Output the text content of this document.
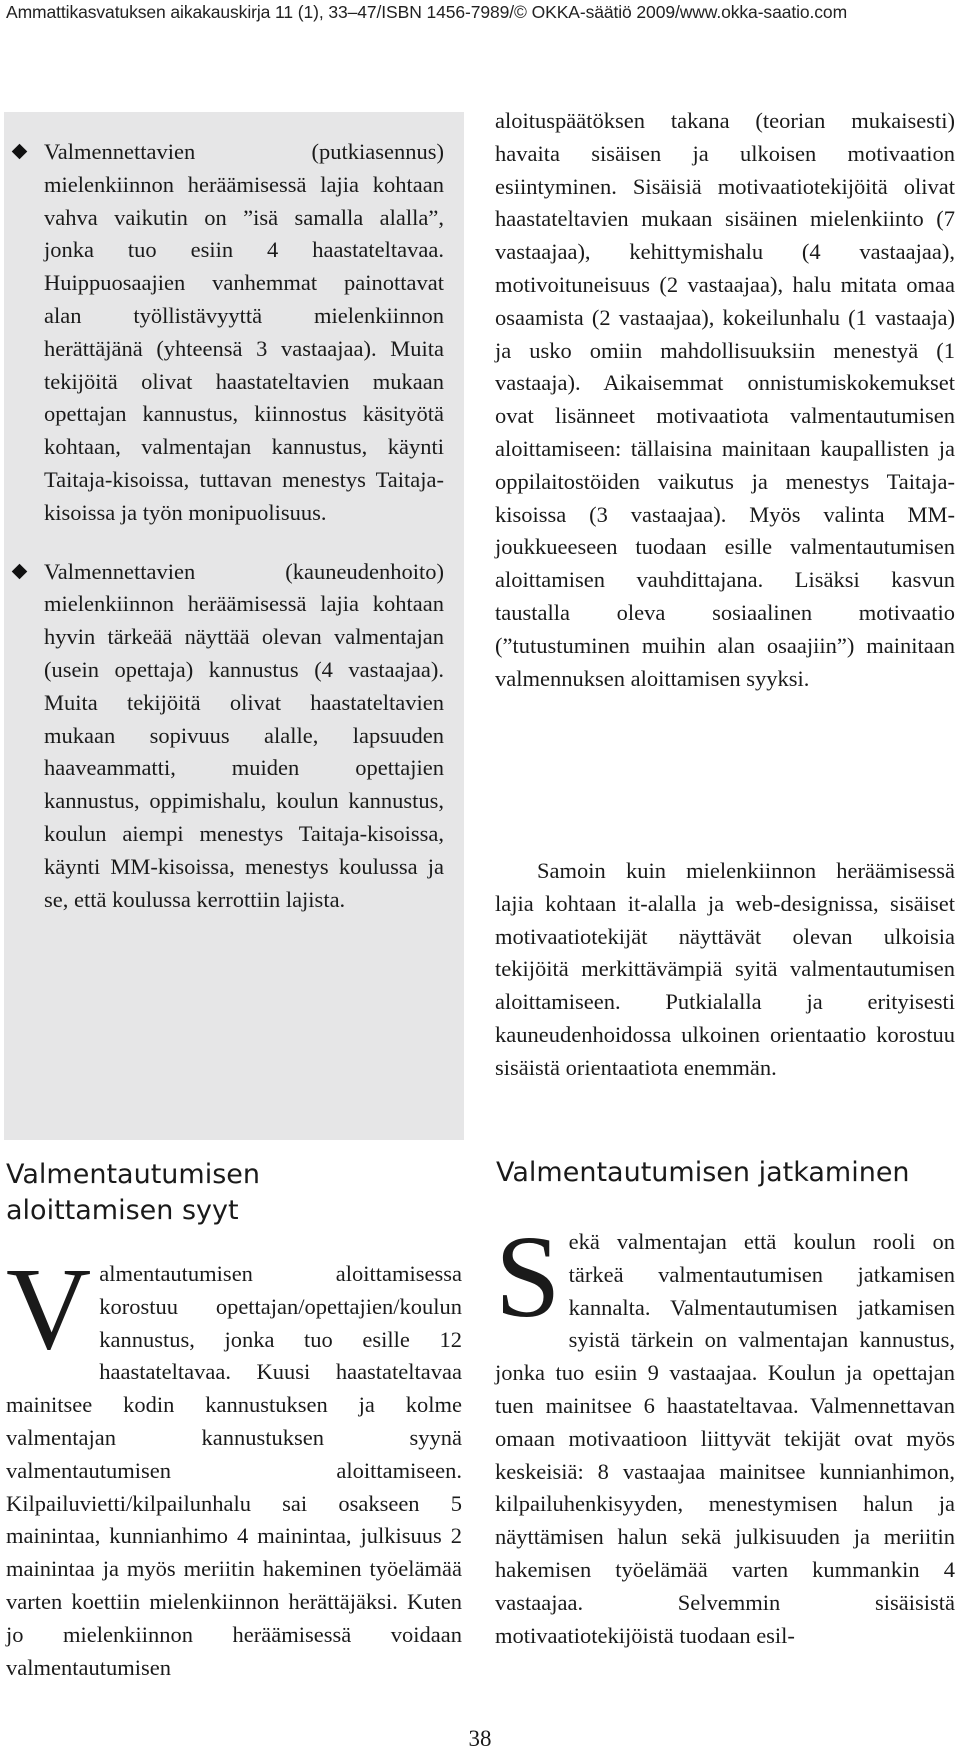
Ammattikasvatuksen aikakauskirja 11 (1), 33–47/ISBN 1456-7989/© OKKA-säätiö 2009/www.okka-saatio.com

Valmennettavien (putkiasennus) mielenkiinnon heräämisessä lajia kohtaan vahva vaikutin on ”isä samalla alalla”, jonka tuo esiin 4 haastateltavaa. Huippuosaajien vanhemmat painottavat alan työllistävyyttä mielenkiinnon herättäjänä (yhteensä 3 vastaajaa). Muita tekijöitä olivat haastateltavien mukaan opettajan kannustus, kiinnostus käsityötä kohtaan, valmentajan kannustus, käynti Taitaja-kisoissa, tuttavan menestys Taitaja-kisoissa ja työn monipuolisuus.

Valmennettavien (kauneudenhoito) mielenkiinnon heräämisessä lajia kohtaan hyvin tärkeää näyttää olevan valmentajan (usein opettaja) kannustus (4 vastaajaa). Muita tekijöitä olivat haastateltavien mukaan sopivuus alalle, lapsuuden haaveammatti, muiden opettajien kannustus, oppimishalu, koulun kannustus, koulun aiempi menestys Taitaja-kisoissa, käynti MM-kisoissa, menestys koulussa ja se, että koulussa kerrottiin lajista.

Valmentautumisen aloittamisen syyt
Valmentautumisen aloittamisessa korostuu opettajan/opettajien/koulun kannustus, jonka tuo esille 12 haastateltavaa. Kuusi haastateltavaa mainitsee kodin kannustuksen ja kolme valmentajan kannustuksen syynä valmentautumisen aloittamiseen. Kilpailuvietti/kilpailunhalu sai osakseen 5 mainintaa, kunnianhimo 4 mainintaa, julkisuus 2 mainintaa ja myös meriitin hakeminen työelämää varten koettiin mielenkiinnon herättäjäksi. Kuten jo mielenkiinnon heräämisessä voidaan valmentautumisen

aloituspäätöksen takana (teorian mukaisesti) havaita sisäisen ja ulkoisen motivaation esiintyminen. Sisäisiä motivaatiotekijöitä olivat haastateltavien mukaan sisäinen mielenkiinto (7 vastaajaa), kehittymishalu (4 vastaajaa), motivoituneisuus (2 vastaajaa), halu mitata omaa osaamista (2 vastaajaa), kokeilunhalu (1 vastaaja) ja usko omiin mahdollisuuksiin menestyä (1 vastaaja). Aikaisemmat onnistumiskokemukset ovat lisänneet motivaatiota valmentautumisen aloittamiseen: tällaisina mainitaan kaupallisten ja oppilaitostöiden vaikutus ja menestys Taitaja-kisoissa (3 vastaajaa). Myös valinta MM-joukkueeseen tuodaan esille valmentautumisen aloittamisen vauhdittajana. Lisäksi kasvun taustalla oleva sosiaalinen motivaatio (”tutustuminen muihin alan osaajiin”) mainitaan valmennuksen aloittamisen syyksi.

Samoin kuin mielenkiinnon heräämisessä lajia kohtaan it-alalla ja web-designissa, sisäiset motivaatiotekijät näyttävät olevan ulkoisia tekijöitä merkittävämpiä syitä valmentautumisen aloittamiseen. Putkialalla ja erityisesti kauneudenhoidossa ulkoinen orientaatio korostuu sisäistä orientaatiota enemmän.

Valmentautumisen jatkaminen
Sekä valmentajan että koulun rooli on tärkeä valmentautumisen jatkamisen kannalta. Valmentautumisen jatkamisen syistä tärkein on valmentajan kannustus, jonka tuo esiin 9 vastaajaa. Koulun ja opettajan tuen mainitsee 6 haastateltavaa. Valmennettavan omaan motivaatioon liittyvät tekijät ovat myös keskeisiä: 8 vastaajaa mainitsee kunnianhimon, kilpailuhenkisyyden, menestymisen halun ja näyttämisen halun sekä julkisuuden ja meriitin hakemisen työelämää varten kummankin 4 vastaajaa. Selvemmin sisäisistä motivaatiotekijöistä tuodaan esil-
38
